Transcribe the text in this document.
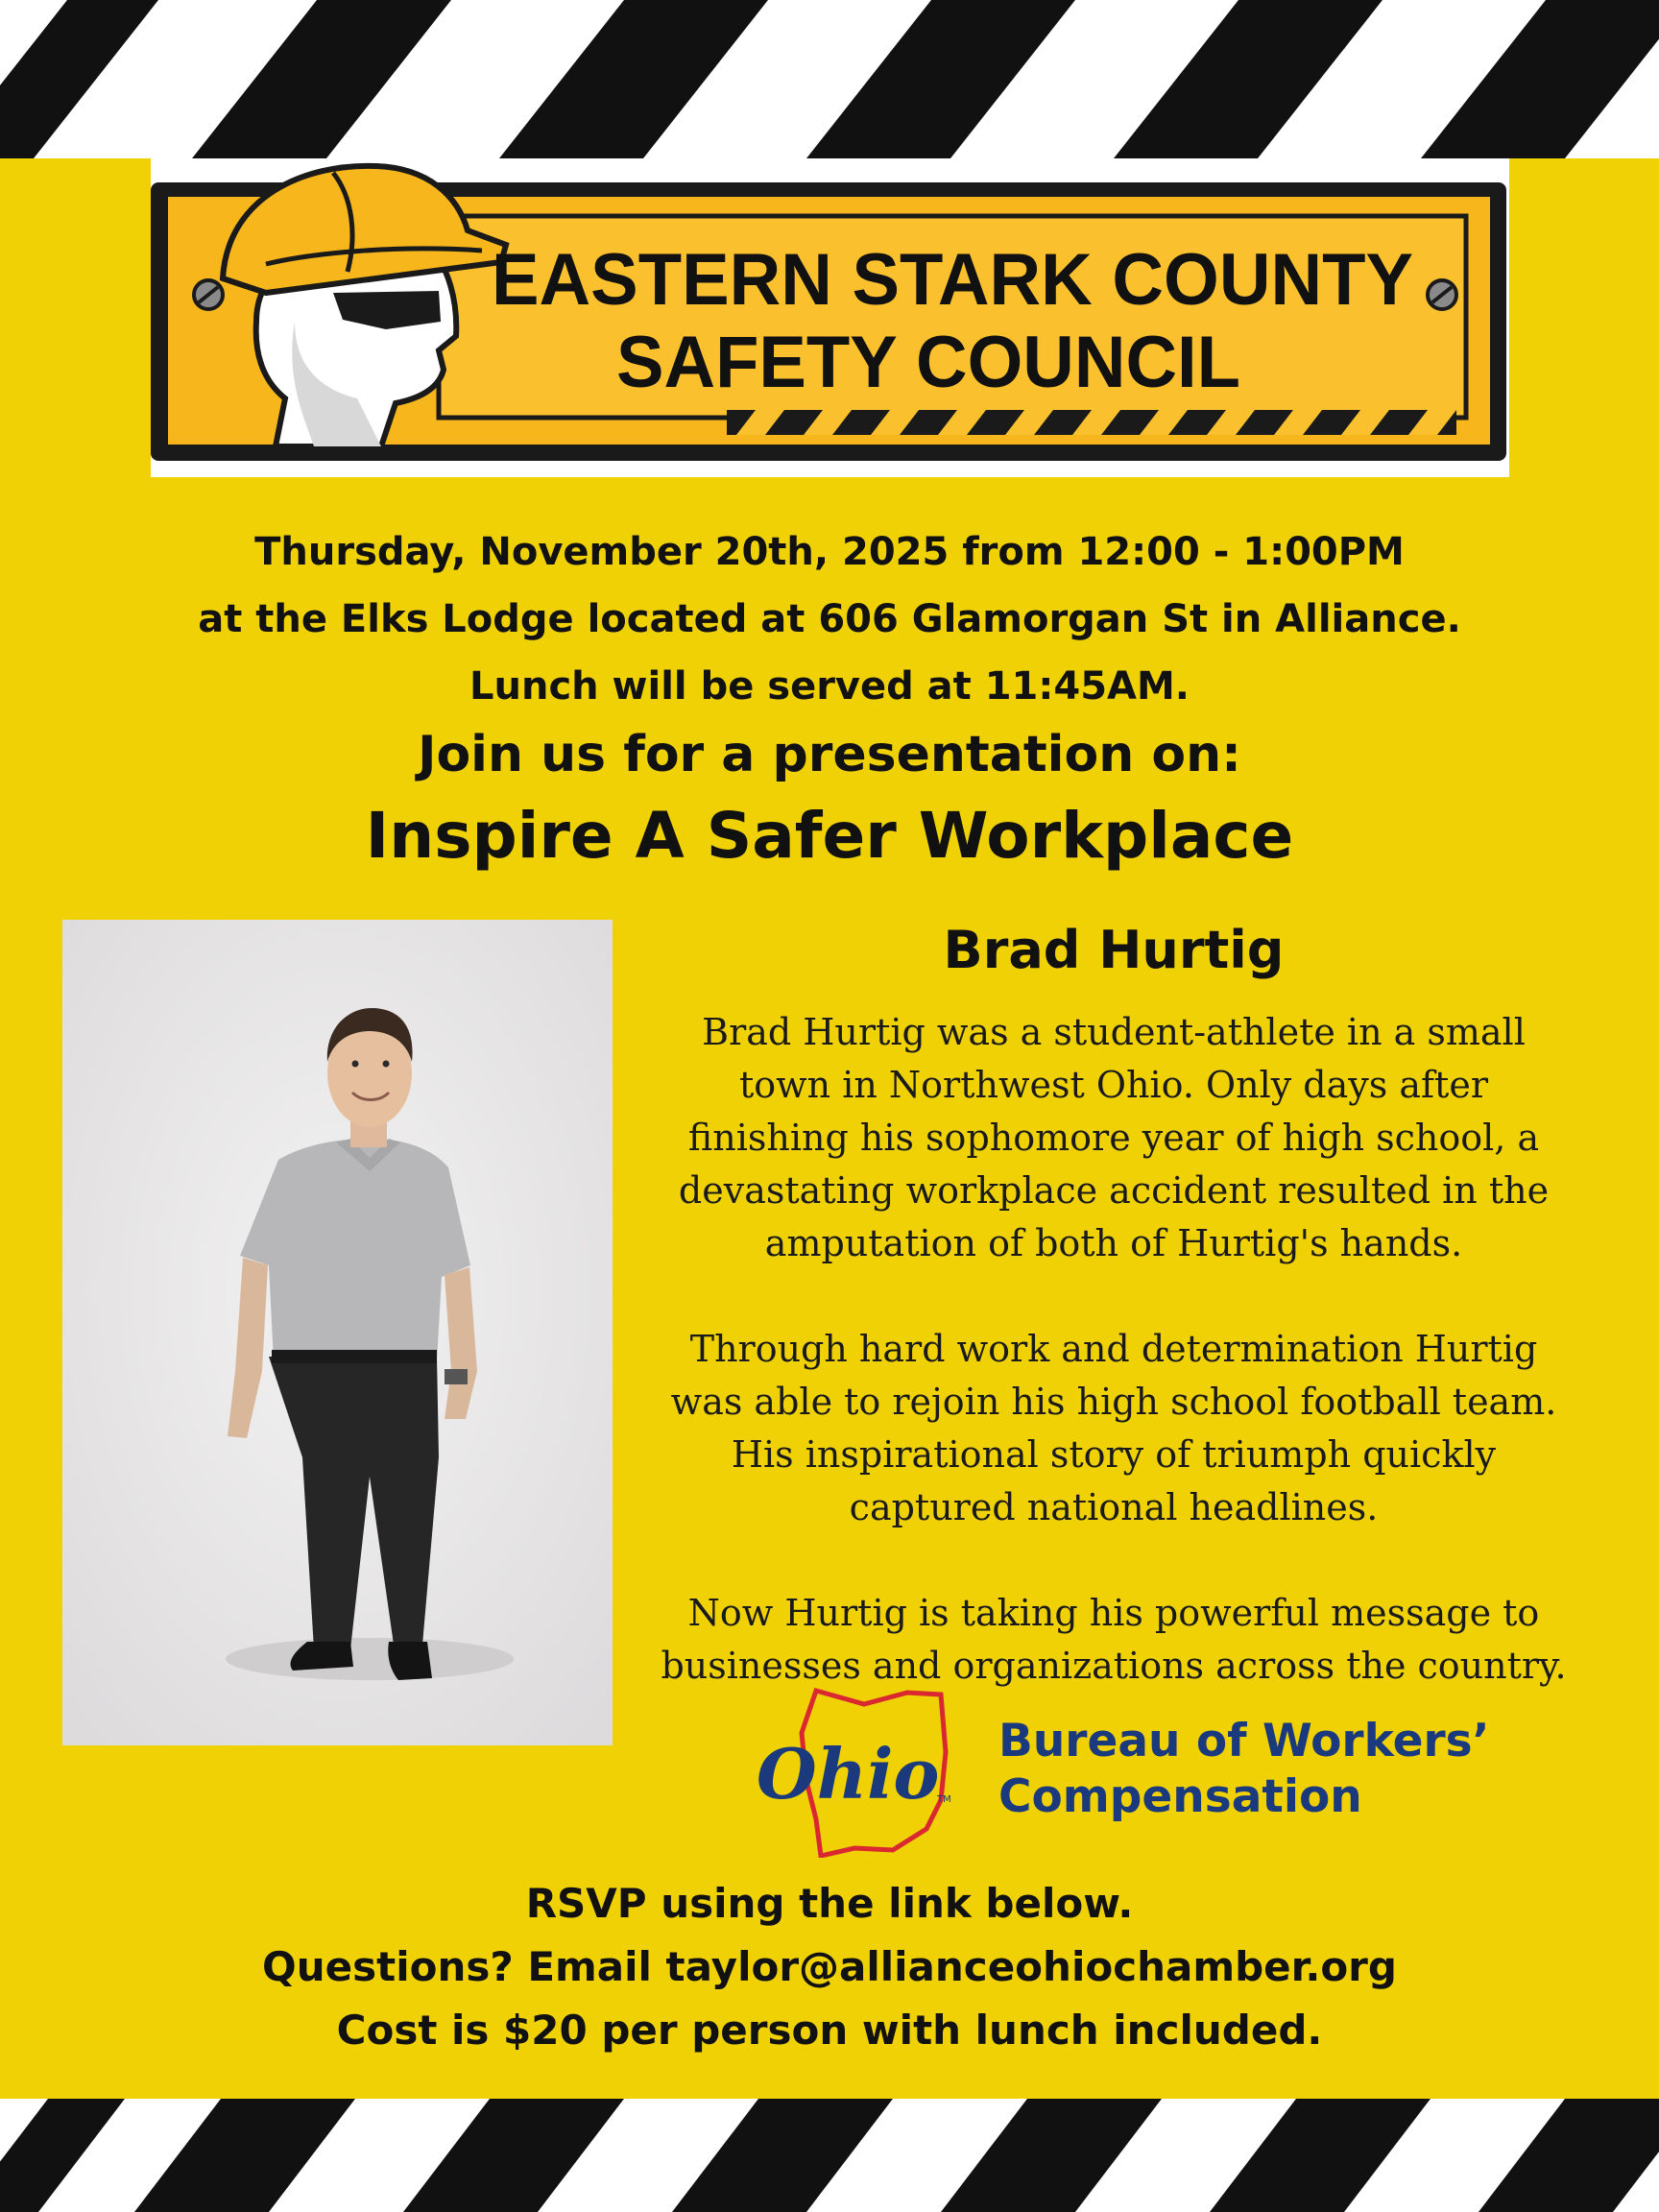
EASTERN STARK COUNTY
SAFETY COUNCIL
Thursday, November 20th, 2025 from 12:00 - 1:00PM
at the Elks Lodge located at 606 Glamorgan St in Alliance.
Lunch will be served at 11:45AM.
Join us for a presentation on:
Inspire A Safer Workplace
Brad Hurtig

Brad Hurtig was a student-athlete in a small
town in Northwest Ohio. Only days after
finishing his sophomore year of high school, a
devastating workplace accident resulted in the
amputation of both of Hurtig's hands.

Through hard work and determination Hurtig
was able to rejoin his high school football team.
His inspirational story of triumph quickly
captured national headlines.

Now Hurtig is taking his powerful message to
businesses and organizations across the country.

Ohio
TM
Bureau of Workers’
Compensation
RSVP using the link below.
Questions? Email taylor@allianceohiochamber.org
Cost is $20 per person with lunch included.
